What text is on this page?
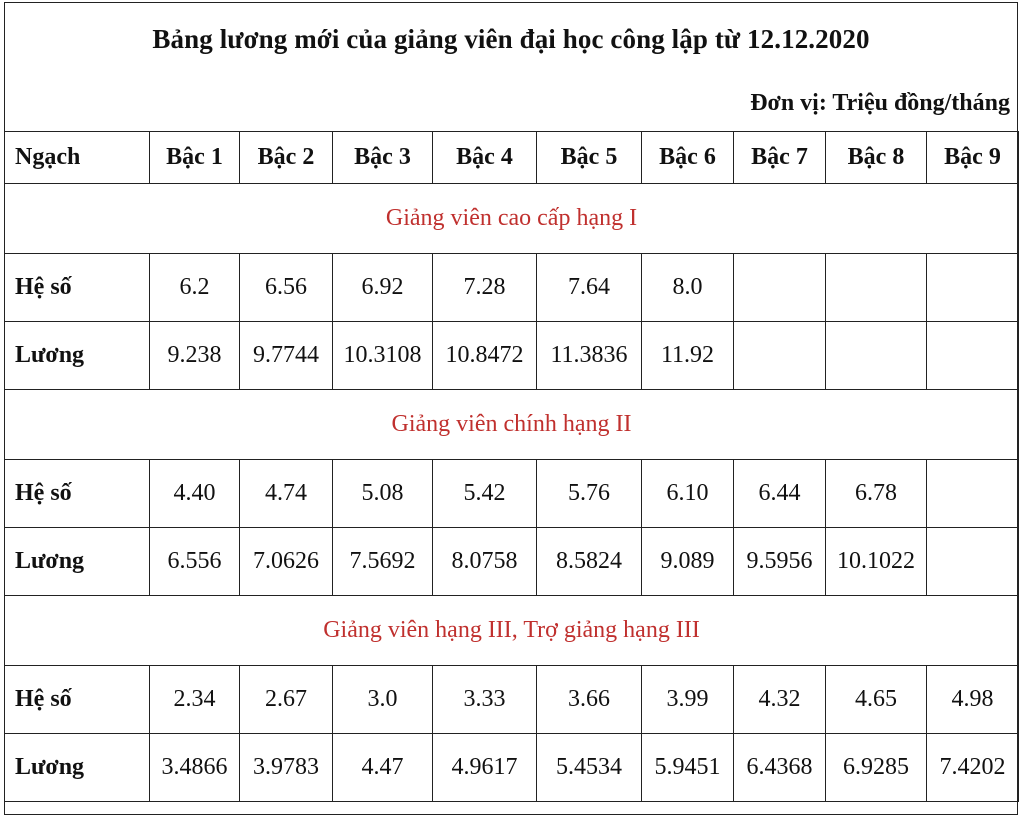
Bảng lương mới của giảng viên đại học công lập từ 12.12.2020
Đơn vị: Triệu đồng/tháng
Ngạch	Bậc 1	Bậc 2	Bậc 3	Bậc 4	Bậc 5	Bậc 6	Bậc 7	Bậc 8	Bậc 9
Giảng viên cao cấp hạng I									
Hệ số	6.2	6.56	6.92	7.28	7.64	8.0			
Lương	9.238	9.7744	10.3108	10.8472	11.3836	11.92			
Giảng viên chính hạng II									
Hệ số	4.40	4.74	5.08	5.42	5.76	6.10	6.44	6.78	
Lương	6.556	7.0626	7.5692	8.0758	8.5824	9.089	9.5956	10.1022	
Giảng viên hạng III, Trợ giảng hạng III									
Hệ số	2.34	2.67	3.0	3.33	3.66	3.99	4.32	4.65	4.98
Lương	3.4866	3.9783	4.47	4.9617	5.4534	5.9451	6.4368	6.9285	7.4202
